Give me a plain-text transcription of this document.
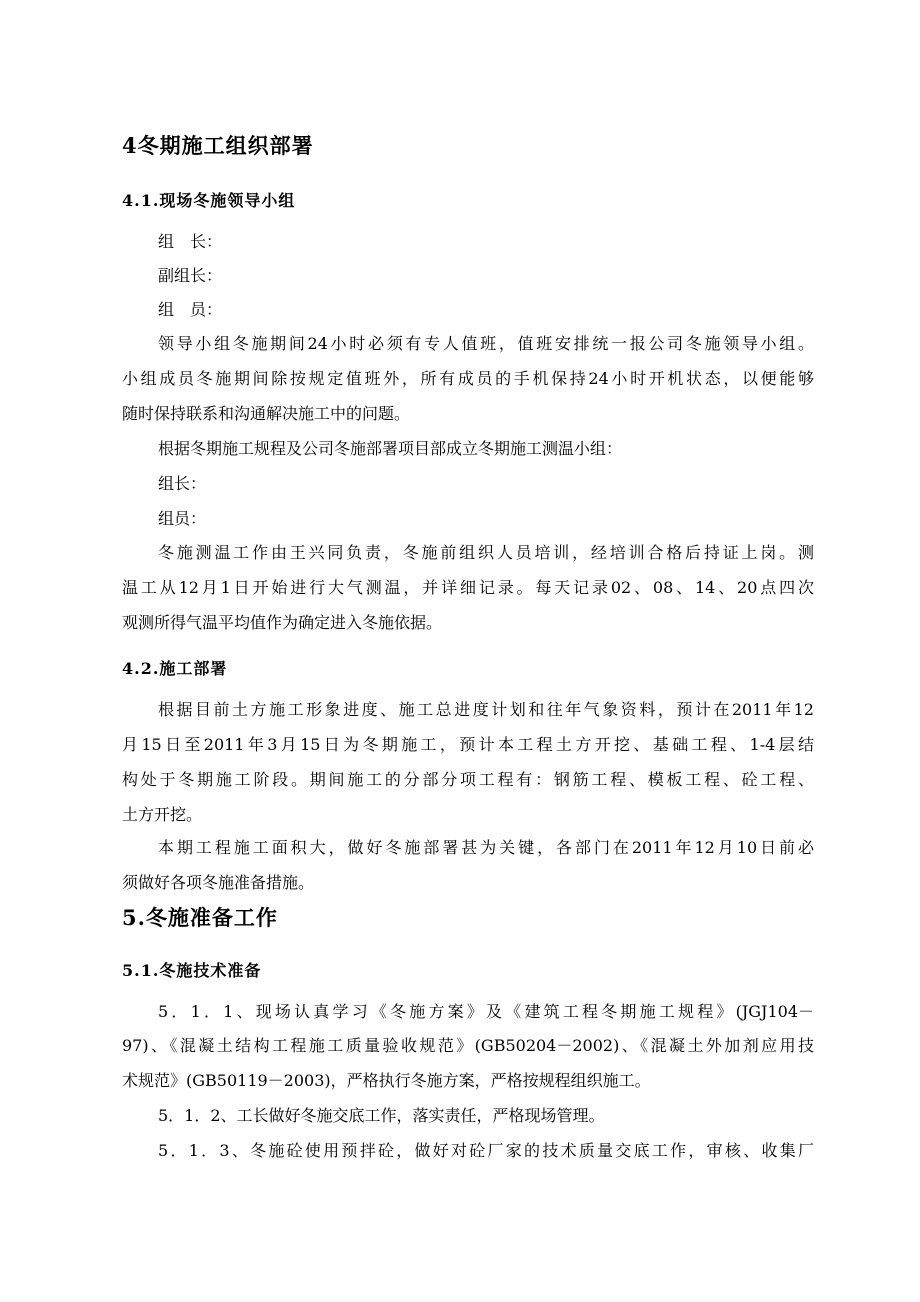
4冬期施工组织部署
4.1.现场冬施领导小组
组　长：
副组长：
组　员：
领导小组冬施期间24小时必须有专人值班，值班安排统一报公司冬施领导小组。
小组成员冬施期间除按规定值班外，所有成员的手机保持24小时开机状态，以便能够
随时保持联系和沟通解决施工中的问题。
根据冬期施工规程及公司冬施部署项目部成立冬期施工测温小组：
组长：
组员：
冬施测温工作由王兴同负责，冬施前组织人员培训，经培训合格后持证上岗。测
温工从12月1日开始进行大气测温，并详细记录。每天记录02、08、14、20点四次
观测所得气温平均值作为确定进入冬施依据。
4.2.施工部署
根据目前土方施工形象进度、施工总进度计划和往年气象资料，预计在2011年12
月15日至2011年3月15日为冬期施工，预计本工程土方开挖、基础工程、1-4层结
构处于冬期施工阶段。期间施工的分部分项工程有：钢筋工程、模板工程、砼工程、
土方开挖。
本期工程施工面积大，做好冬施部署甚为关键，各部门在2011年12月10日前必
须做好各项冬施准备措施。
5.冬施准备工作
5.1.冬施技术准备
5．1．1、现场认真学习《冬施方案》及《建筑工程冬期施工规程》(JGJ104－
97)、《混凝土结构工程施工质量验收规范》(GB50204－2002)、《混凝土外加剂应用技
术规范》(GB50119－2003)，严格执行冬施方案，严格按规程组织施工。
5．1．2、工长做好冬施交底工作，落实责任，严格现场管理。
5．1．3、冬施砼使用预拌砼，做好对砼厂家的技术质量交底工作，审核、收集厂
